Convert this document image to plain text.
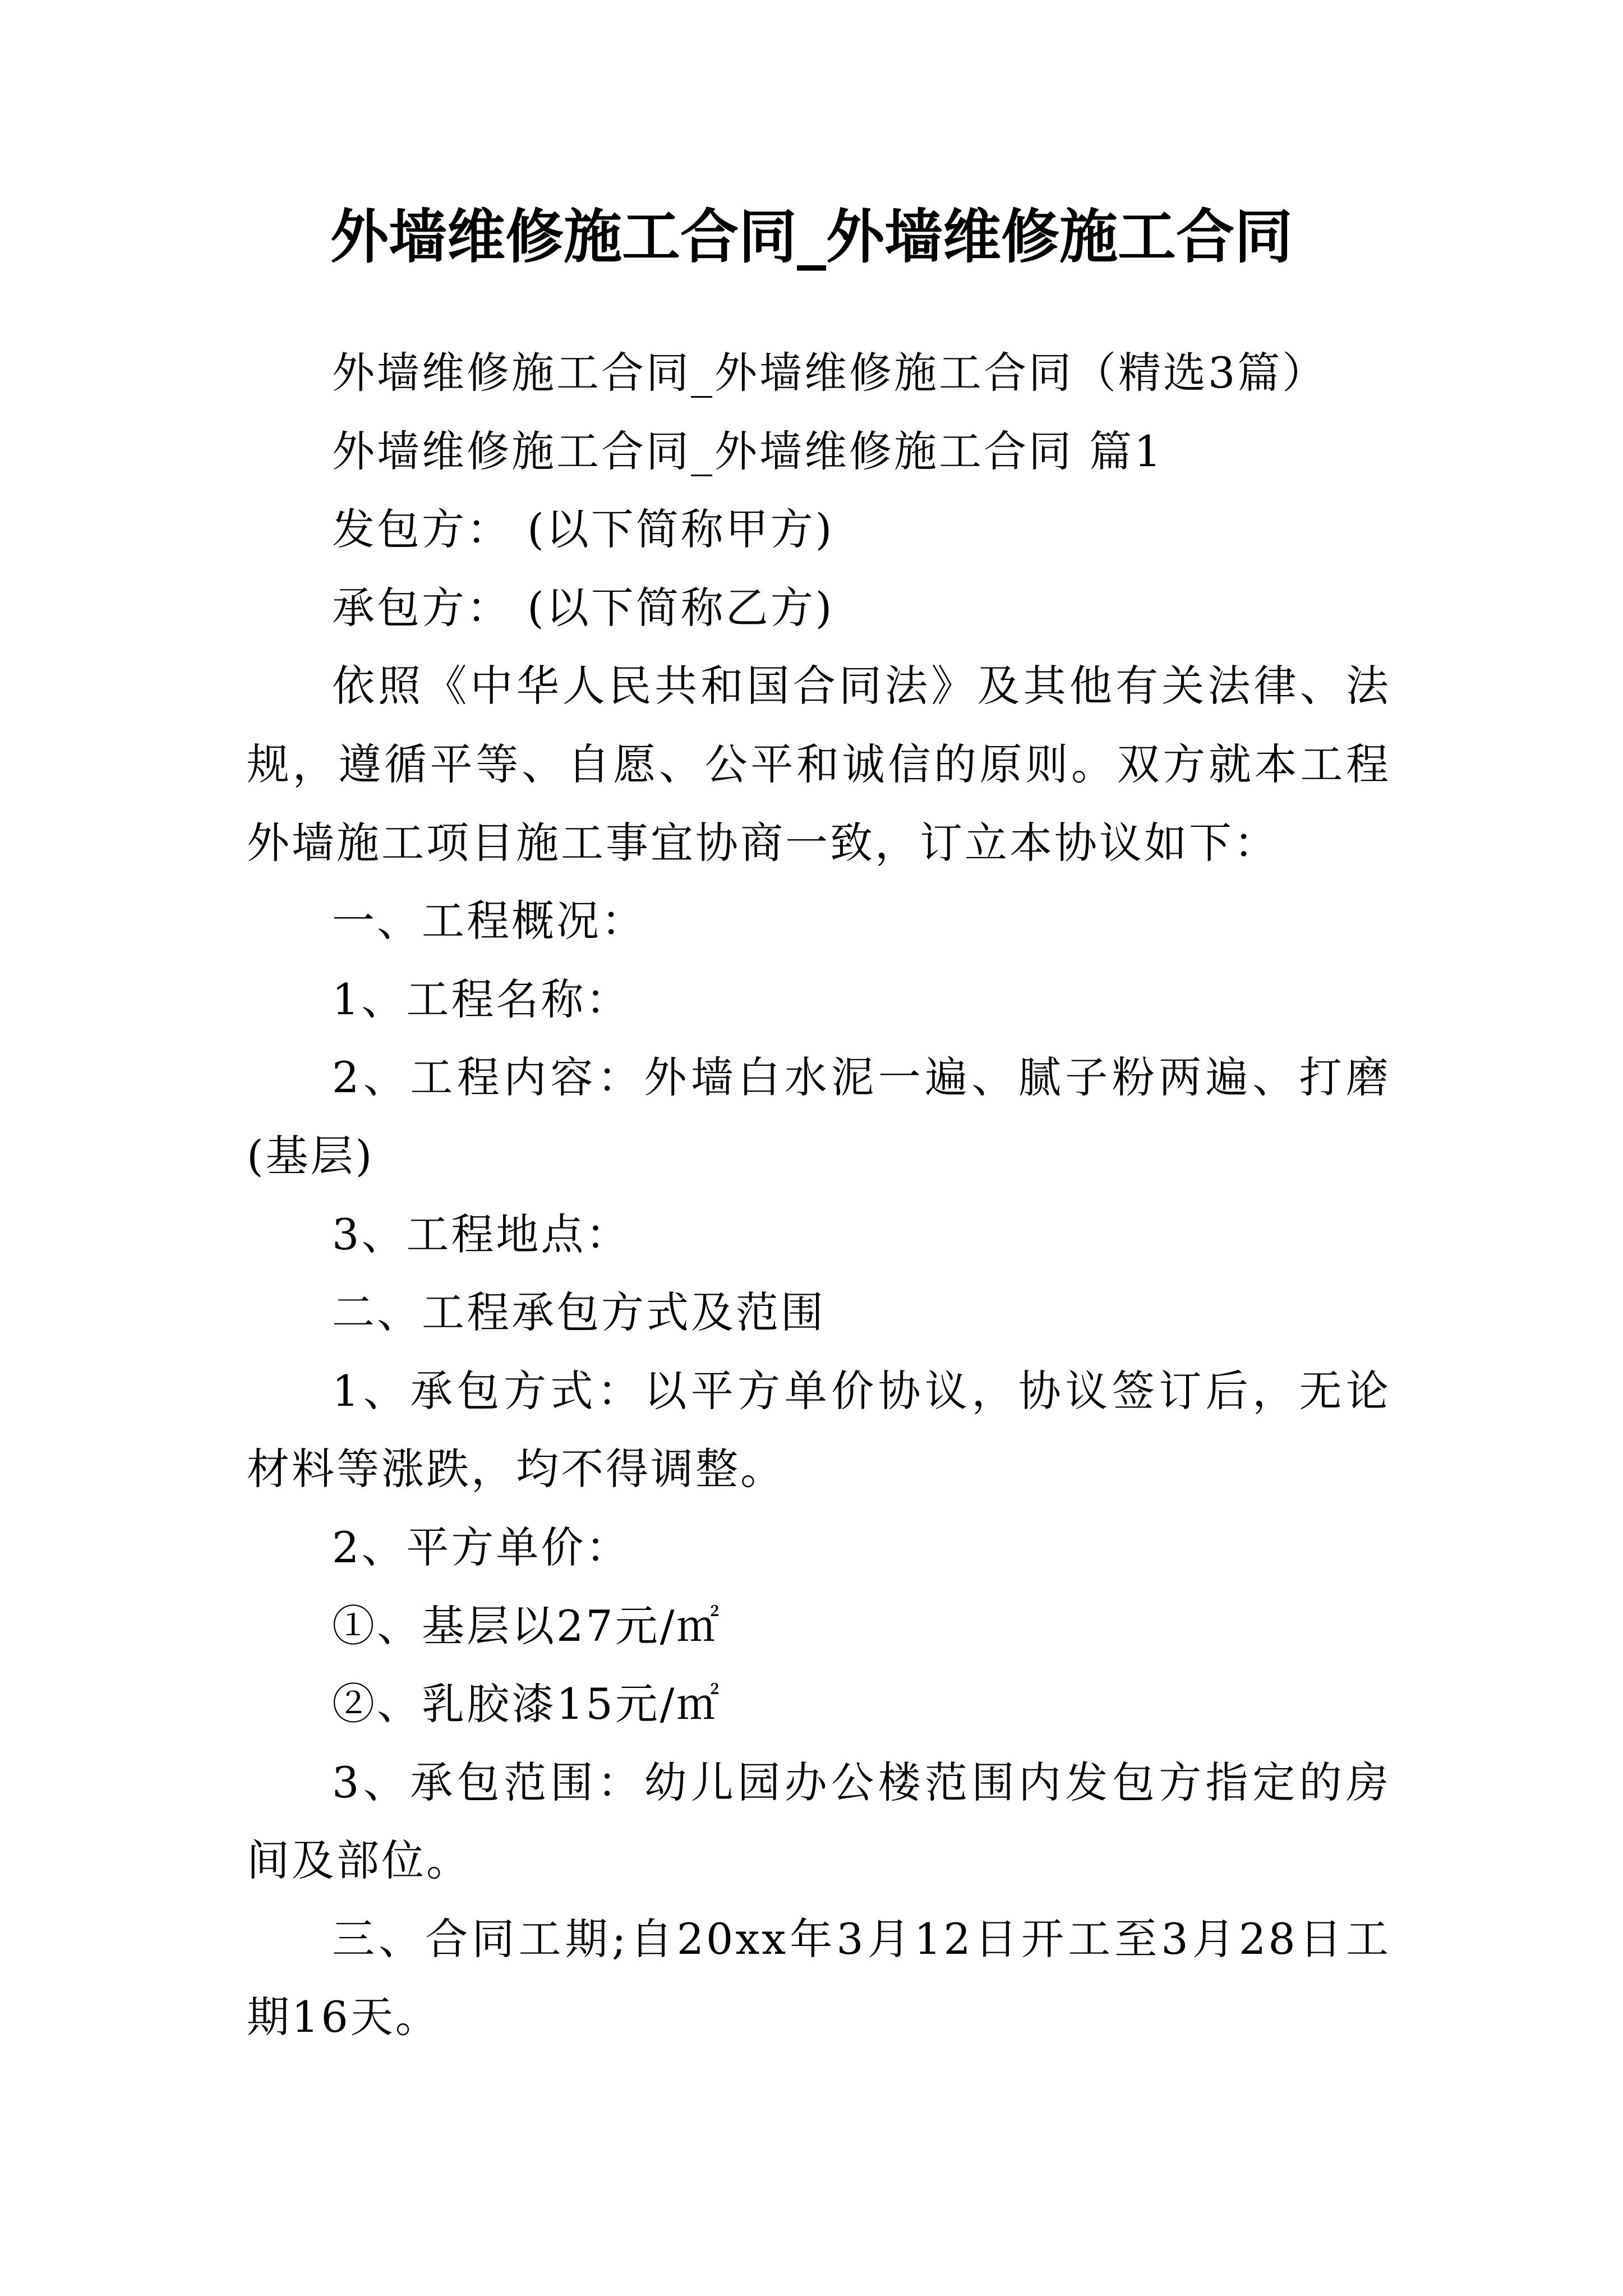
外墙维修施工合同_外墙维修施工合同

外墙维修施工合同_外墙维修施工合同（精选3篇）

外墙维修施工合同_外墙维修施工合同 篇1

发包方： (以下简称甲方)

承包方： (以下简称乙方)

依照《中华人民共和国合同法》及其他有关法律、法规，遵循平等、自愿、公平和诚信的原则。双方就本工程外墙施工项目施工事宜协商一致，订立本协议如下：

一、工程概况：

1、工程名称：

2、工程内容：外墙白水泥一遍、腻子粉两遍、打磨(基层)

3、工程地点：

二、工程承包方式及范围

1、承包方式：以平方单价协议，协议签订后，无论材料等涨跌，均不得调整。

2、平方单价：

①、基层以27元/㎡

②、乳胶漆15元/㎡

3、承包范围：幼儿园办公楼范围内发包方指定的房间及部位。

三、合同工期;自20xx年3月12日开工至3月28日工期16天。
